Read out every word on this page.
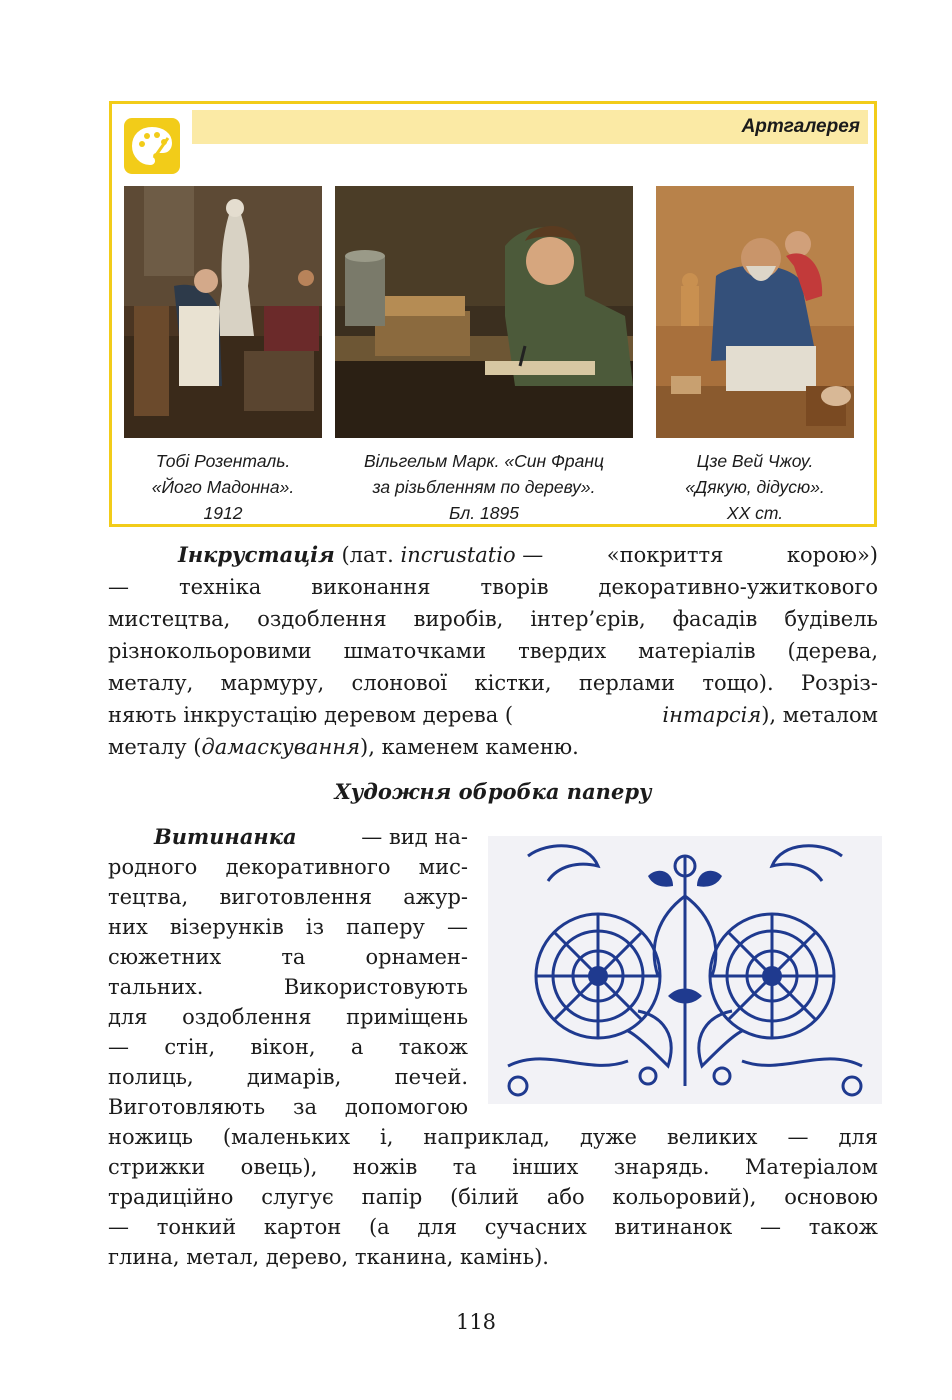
Артгалерея
Тобі Розенталь.
«Його Мадонна».
1912
Вільгельм Марк. «Син Франц
за різьбленням по дереву».
Бл. 1895
Цзе Вей Чжоу.
«Дякую, дідусю».
XX ст.
Інкрустація (лат. incrustatio —	«покриття	корою»)
— техніка виконання творів декоративно-ужиткового
мистецтва, оздоблення виробів, інтер’єрів, фасадів будівель
різнокольоровими шматочками твердих матеріалів (дерева,
металу, мармуру, слонової кістки, перлами тощо). Розріз-
няють інкрустацію деревом дерева (	інтарсія), металом
металу (дамаскування), каменем каменю.
Художня обробка паперу
Витинанка	— вид на-
родного декоративного мис-
тецтва, виготовлення ажур-
них візерунків із паперу —
сюжетних та орнамен-
тальних. Використовують
для оздоблення приміщень
— стін, вікон, а також
полиць, димарів, печей.
Виготовляють за допомогою
ножиць (маленьких і, наприклад, дуже великих — для
стрижки овець), ножів та інших знарядь. Матеріалом
традиційно слугує папір (білий або кольоровий), основою
— тонкий картон (а для сучасних витинанок — також
глина, метал, дерево, тканина, камінь).
118
